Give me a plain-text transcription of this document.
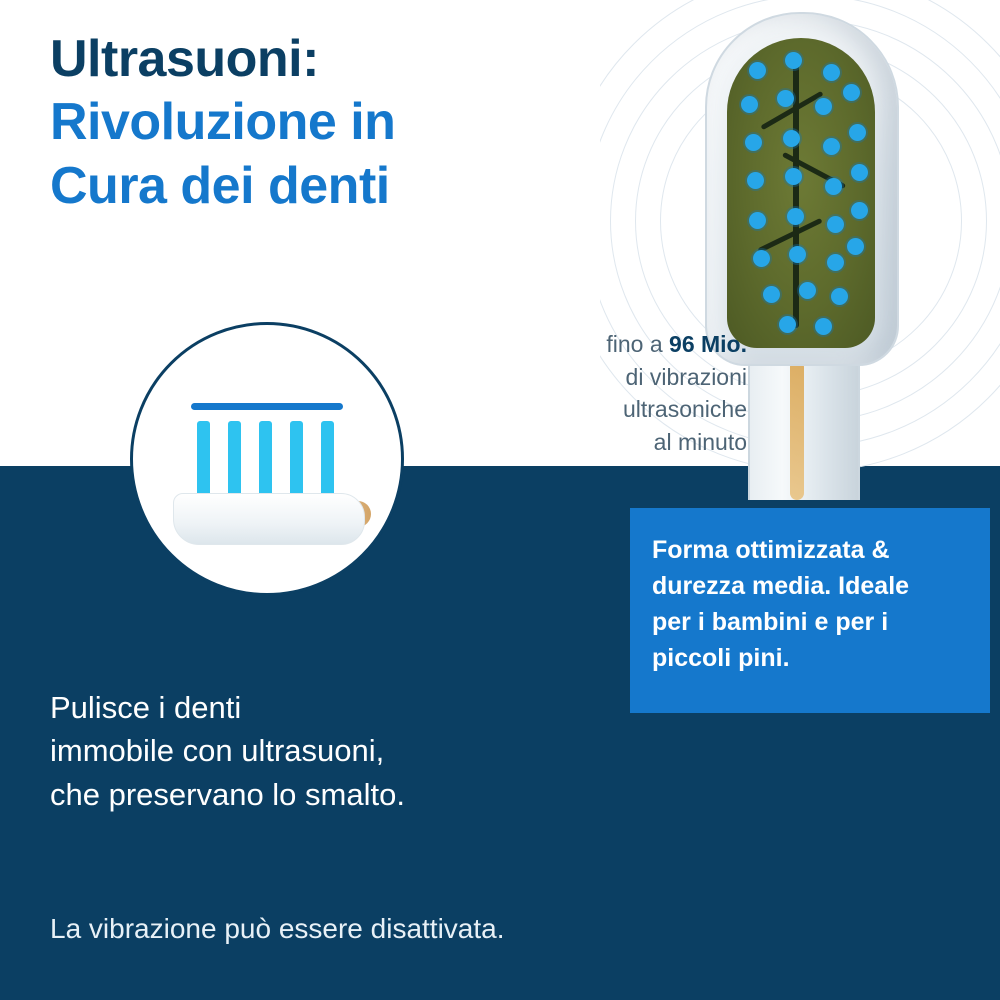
Ultrasuoni:
Rivoluzione in
Cura dei denti
fino a 96 Mio.
di vibrazioni
ultrasoniche
al minuto
Forma ottimizzata &
durezza media. Ideale
per i bambini e per i
piccoli pini.
Pulisce i denti
immobile con ultrasuoni,
che preservano lo smalto.
La vibrazione può essere disattivata.
